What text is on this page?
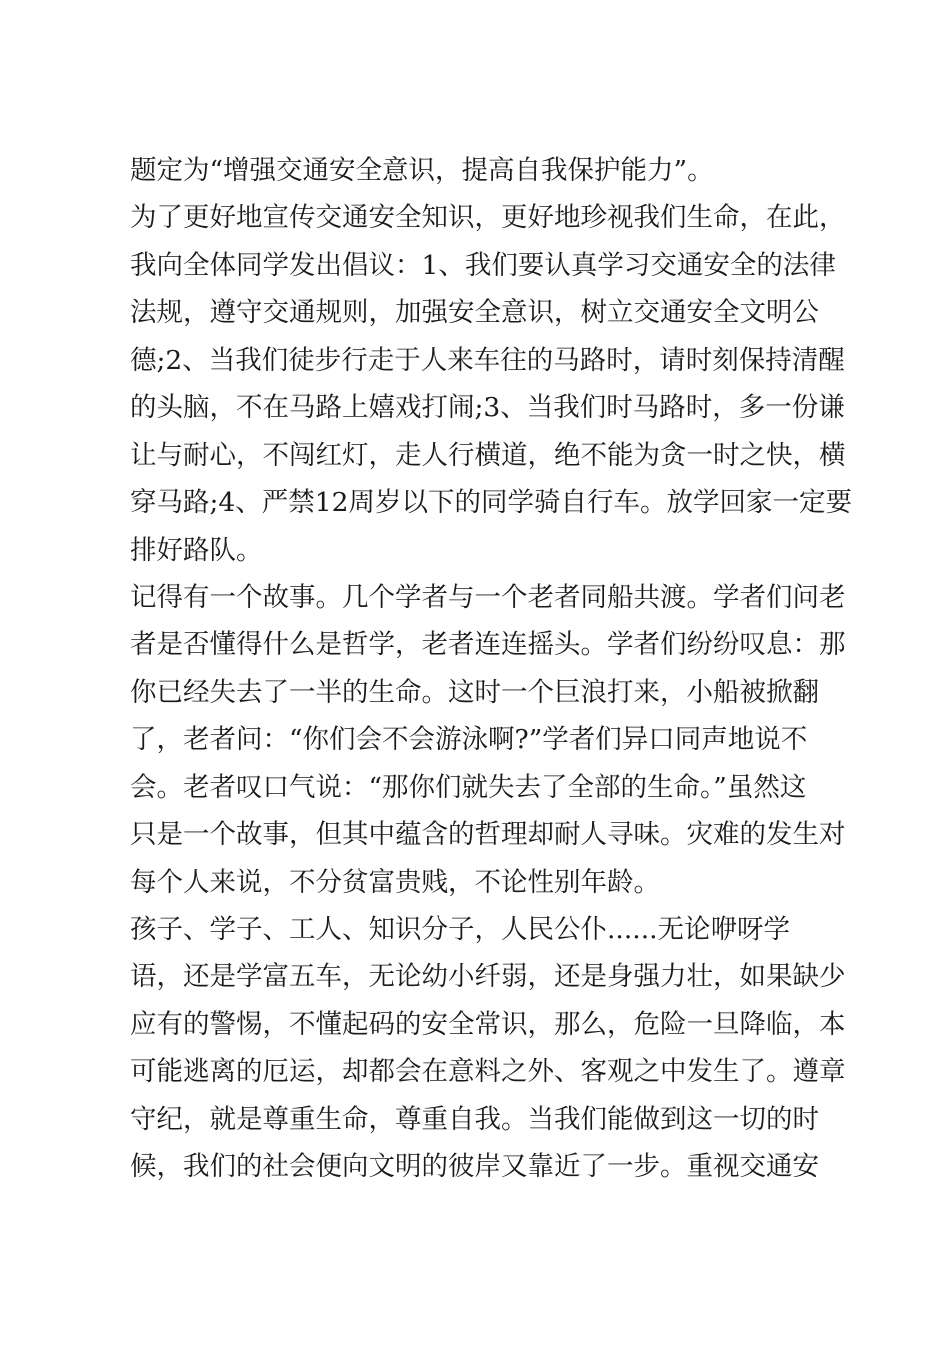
题定为“增强交通安全意识，提高自我保护能力”。
为了更好地宣传交通安全知识，更好地珍视我们生命，在此，
我向全体同学发出倡议：1、我们要认真学习交通安全的法律
法规，遵守交通规则，加强安全意识，树立交通安全文明公
德;2、当我们徒步行走于人来车往的马路时，请时刻保持清醒
的头脑，不在马路上嬉戏打闹;3、当我们时马路时，多一份谦
让与耐心，不闯红灯，走人行横道，绝不能为贪一时之快，横
穿马路;4、严禁12周岁以下的同学骑自行车。放学回家一定要
排好路队。
记得有一个故事。几个学者与一个老者同船共渡。学者们问老
者是否懂得什么是哲学，老者连连摇头。学者们纷纷叹息：那
你已经失去了一半的生命。这时一个巨浪打来，小船被掀翻
了，老者问：“你们会不会游泳啊?”学者们异口同声地说不
会。老者叹口气说：“那你们就失去了全部的生命。”虽然这
只是一个故事，但其中蕴含的哲理却耐人寻味。灾难的发生对
每个人来说，不分贫富贵贱，不论性别年龄。
孩子、学子、工人、知识分子，人民公仆......无论咿呀学
语，还是学富五车，无论幼小纤弱，还是身强力壮，如果缺少
应有的警惕，不懂起码的安全常识，那么，危险一旦降临，本
可能逃离的厄运，却都会在意料之外、客观之中发生了。遵章
守纪，就是尊重生命，尊重自我。当我们能做到这一切的时
候，我们的社会便向文明的彼岸又靠近了一步。重视交通安
